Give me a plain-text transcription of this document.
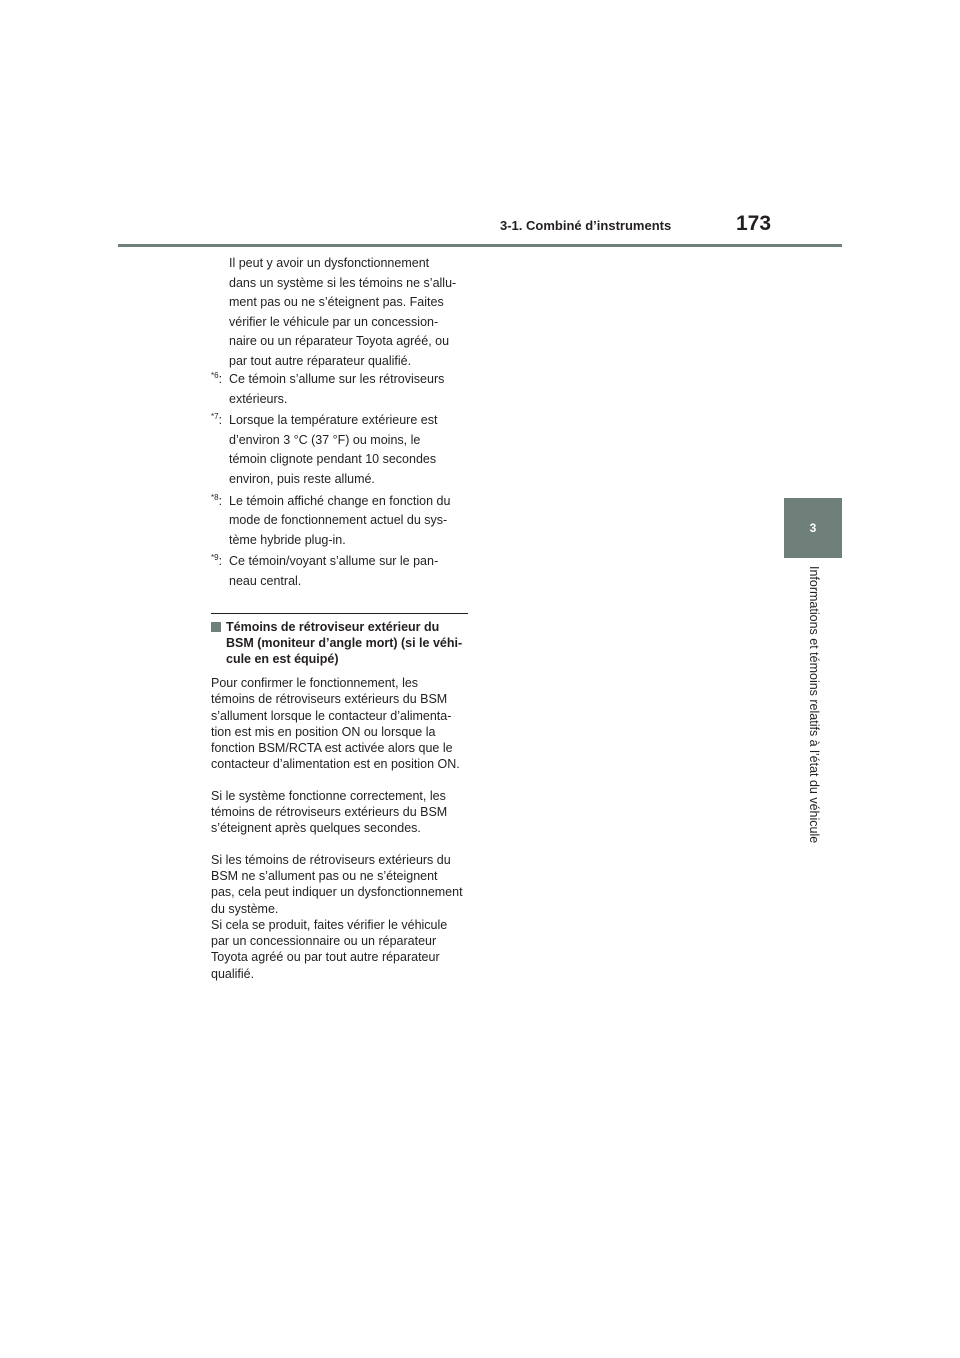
3-1. Combiné d’instruments	173
3
Informations et témoins relatifs à l’état du véhicule
Il peut y avoir un dysfonctionnement
dans un système si les témoins ne s’allu-
ment pas ou ne s’éteignent pas. Faites
vérifier le véhicule par un concession-
naire ou un réparateur Toyota agréé, ou
par tout autre réparateur qualifié.
$^{*6}$: Ce témoin s’allume sur les rétroviseurs
extérieurs.
$^{*7}$: Lorsque la température extérieure est
d’environ 3 °C (37 °F) ou moins, le
témoin clignote pendant 10 secondes
environ, puis reste allumé.
$^{*8}$: Le témoin affiché change en fonction du
mode de fonctionnement actuel du sys-
tème hybride plug-in.
$^{*9}$: Ce témoin/voyant s’allume sur le pan-
neau central.
Témoins de rétroviseur extérieur du
BSM (moniteur d’angle mort) (si le véhi-
cule en est équipé)

Pour confirmer le fonctionnement, les
témoins de rétroviseurs extérieurs du BSM
s’allument lorsque le contacteur d’alimenta-
tion est mis en position ON ou lorsque la
fonction BSM/RCTA est activée alors que le
contacteur d’alimentation est en position ON.

Si le système fonctionne correctement, les
témoins de rétroviseurs extérieurs du BSM
s’éteignent après quelques secondes.

Si les témoins de rétroviseurs extérieurs du
BSM ne s’allument pas ou ne s’éteignent
pas, cela peut indiquer un dysfonctionnement
du système.
Si cela se produit, faites vérifier le véhicule
par un concessionnaire ou un réparateur
Toyota agréé ou par tout autre réparateur
qualifié.
